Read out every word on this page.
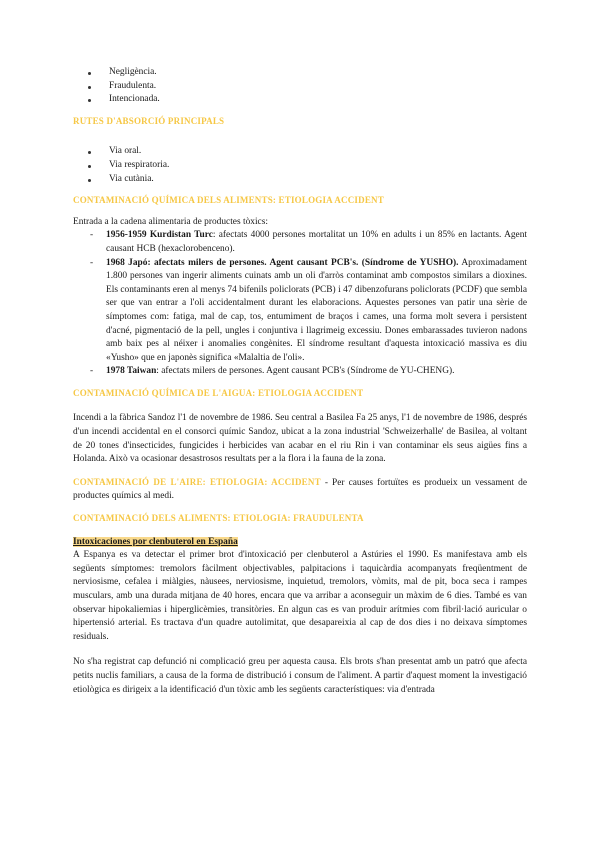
Negligència.
Fraudulenta.
Intencionada.
RUTES D'ABSORCIÓ PRINCIPALS
Via oral.
Via respiratoria.
Via cutània.
CONTAMINACIÓ QUÍMICA DELS ALIMENTS: ETIOLOGIA ACCIDENT

Entrada a la cadena alimentaria de productes tòxics:

- 1956-1959 Kurdistan Turc: afectats 4000 persones mortalitat un 10% en adults i un 85% en lactants. Agent causant HCB (hexaclorobenceno).
- 1968 Japó: afectats milers de persones. Agent causant PCB's. (Síndrome de YUSHO). Aproximadament 1.800 persones van ingerir aliments cuinats amb un oli d'arròs contaminat amb compostos similars a dioxines. Els contaminants eren al menys 74 bifenils policlorats (PCB) i 47 dibenzofurans policlorats (PCDF) que sembla ser que van entrar a l'oli accidentalment durant les elaboracions. Aquestes persones van patir una sèrie de símptomes com: fatiga, mal de cap, tos, entumiment de braços i cames, una forma molt severa i persistent d'acné, pigmentació de la pell, ungles i conjuntiva i llagrimeig excessiu. Dones embarassades tuvieron nadons amb baix pes al néixer i anomalies congènites. El síndrome resultant d'aquesta intoxicació massiva es diu «Yusho» que en japonès significa «Malaltia de l'oli».
- 1978 Taiwan: afectats milers de persones. Agent causant PCB's (Síndrome de YU-CHENG).
CONTAMINACIÓ QUÍMICA DE L'AIGUA: ETIOLOGIA ACCIDENT

Incendi a la fàbrica Sandoz l'1 de novembre de 1986. Seu central a Basilea Fa 25 anys, l'1 de novembre de 1986, després d'un incendi accidental en el consorci químic Sandoz, ubicat a la zona industrial 'Schweizerhalle' de Basilea, al voltant de 20 tones d'insecticides, fungicides i herbicides van acabar en el riu Rin i van contaminar els seus aigües fins a Holanda. Això va ocasionar desastrosos resultats per a la flora i la fauna de la zona.

CONTAMINACIÓ DE L'AIRE: ETIOLOGIA: ACCIDENT - Per causes fortuïtes es produeix un vessament de productes químics al medi.

CONTAMINACIÓ DELS ALIMENTS: ETIOLOGIA: FRAUDULENTA

Intoxicaciones por clenbuterol en España

A Espanya es va detectar el primer brot d'intoxicació per clenbuterol a Astúries el 1990. Es manifestava amb els següents símptomes: tremolors fàcilment objectivables, palpitacions i taquicàrdia acompanyats freqüentment de nerviosisme, cefalea i miàlgies, nàusees, nerviosisme, inquietud, tremolors, vòmits, mal de pit, boca seca i rampes musculars, amb una durada mitjana de 40 hores, encara que va arribar a aconseguir un màxim de 6 dies. També es van observar hipokaliemias i hiperglicèmies, transitòries. En algun cas es van produir arítmies com fibril·lació auricular o hipertensió arterial. Es tractava d'un quadre autolimitat, que desapareixia al cap de dos dies i no deixava símptomes residuals.

No s'ha registrat cap defunció ni complicació greu per aquesta causa. Els brots s'han presentat amb un patró que afecta petits nuclis familiars, a causa de la forma de distribució i consum de l'aliment. A partir d'aquest moment la investigació etiològica es dirigeix a la identificació d'un tòxic amb les següents característiques: via d'entrada
